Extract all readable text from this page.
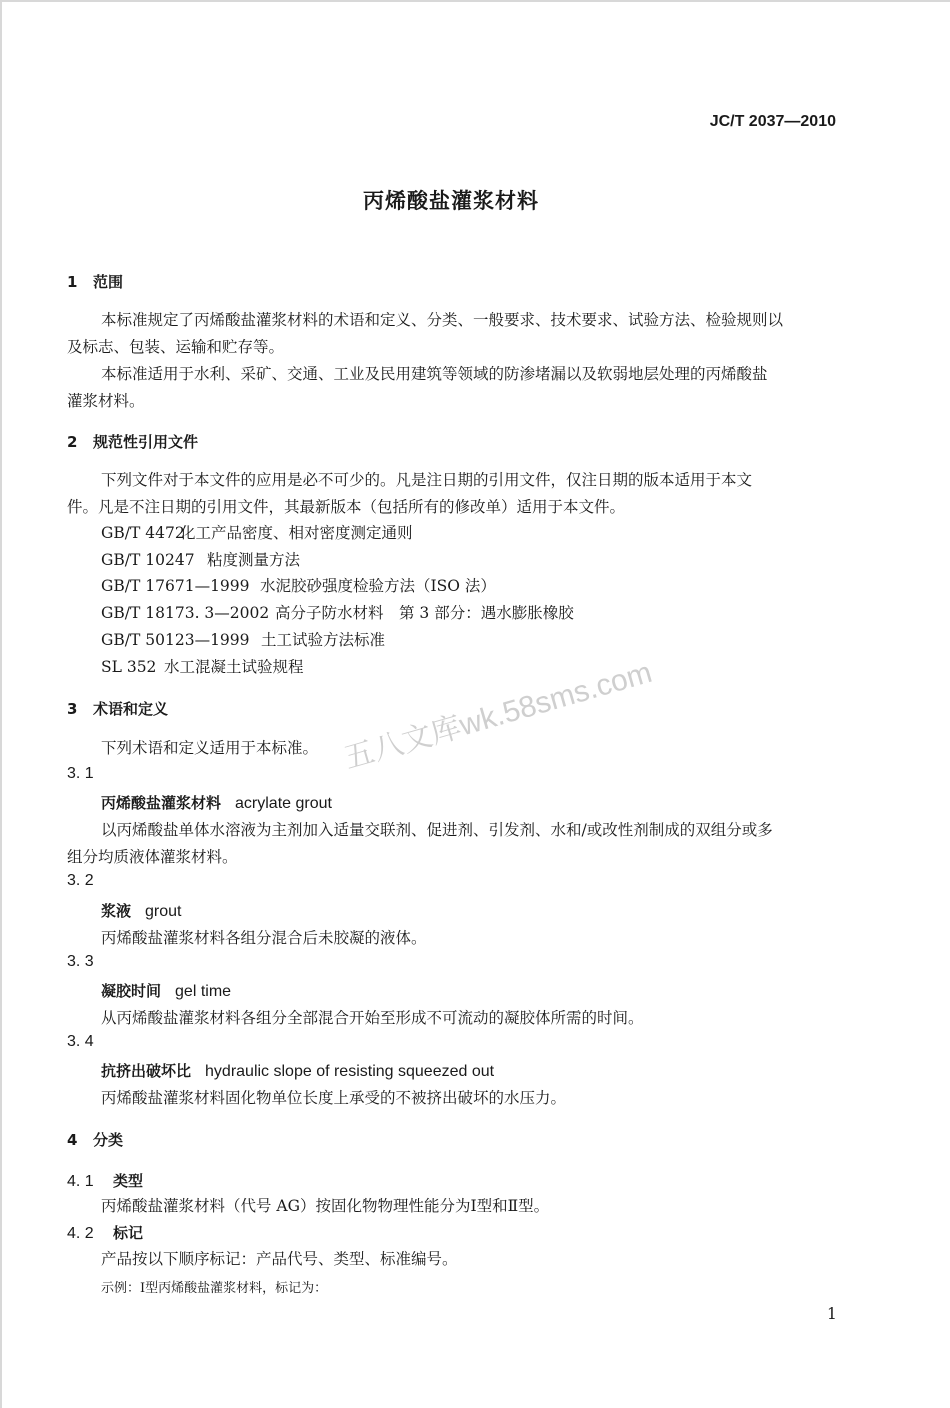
JC/T 2037—2010
丙烯酸盐灌浆材料
1 范围
本标准规定了丙烯酸盐灌浆材料的术语和定义、分类、一般要求、技术要求、试验方法、检验规则以
及标志、包装、运输和贮存等。
本标准适用于水利、采矿、交通、工业及民用建筑等领域的防渗堵漏以及软弱地层处理的丙烯酸盐
灌浆材料。
2 规范性引用文件
下列文件对于本文件的应用是必不可少的。凡是注日期的引用文件，仅注日期的版本适用于本文
件。凡是不注日期的引用文件，其最新版本（包括所有的修改单）适用于本文件。
GB/T 4472化工产品密度、相对密度测定通则
GB/T 10247 粘度测量方法
GB/T 17671—1999 水泥胶砂强度检验方法（ISO 法）
GB/T 18173. 3—2002 高分子防水材料　第 3 部分：遇水膨胀橡胶
GB/T 50123—1999 土工试验方法标准
SL 352 水工混凝土试验规程 五八文库wk.58sms.com
3 术语和定义
下列术语和定义适用于本标准。
3. 1
丙烯酸盐灌浆材料 acrylate grout
以丙烯酸盐单体水溶液为主剂加入适量交联剂、促进剂、引发剂、水和/或改性剂制成的双组分或多
组分均质液体灌浆材料。
3. 2
浆液 grout
丙烯酸盐灌浆材料各组分混合后未胶凝的液体。
3. 3
凝胶时间 gel time
从丙烯酸盐灌浆材料各组分全部混合开始至形成不可流动的凝胶体所需的时间。
3. 4
抗挤出破坏比 hydraulic slope of resisting squeezed out
丙烯酸盐灌浆材料固化物单位长度上承受的不被挤出破坏的水压力。
4 分类
4. 1 类型
丙烯酸盐灌浆材料（代号 AG）按固化物物理性能分为Ⅰ型和Ⅱ型。
4. 2 标记
产品按以下顺序标记：产品代号、类型、标准编号。
示例：Ⅰ型丙烯酸盐灌浆材料，标记为：
1
